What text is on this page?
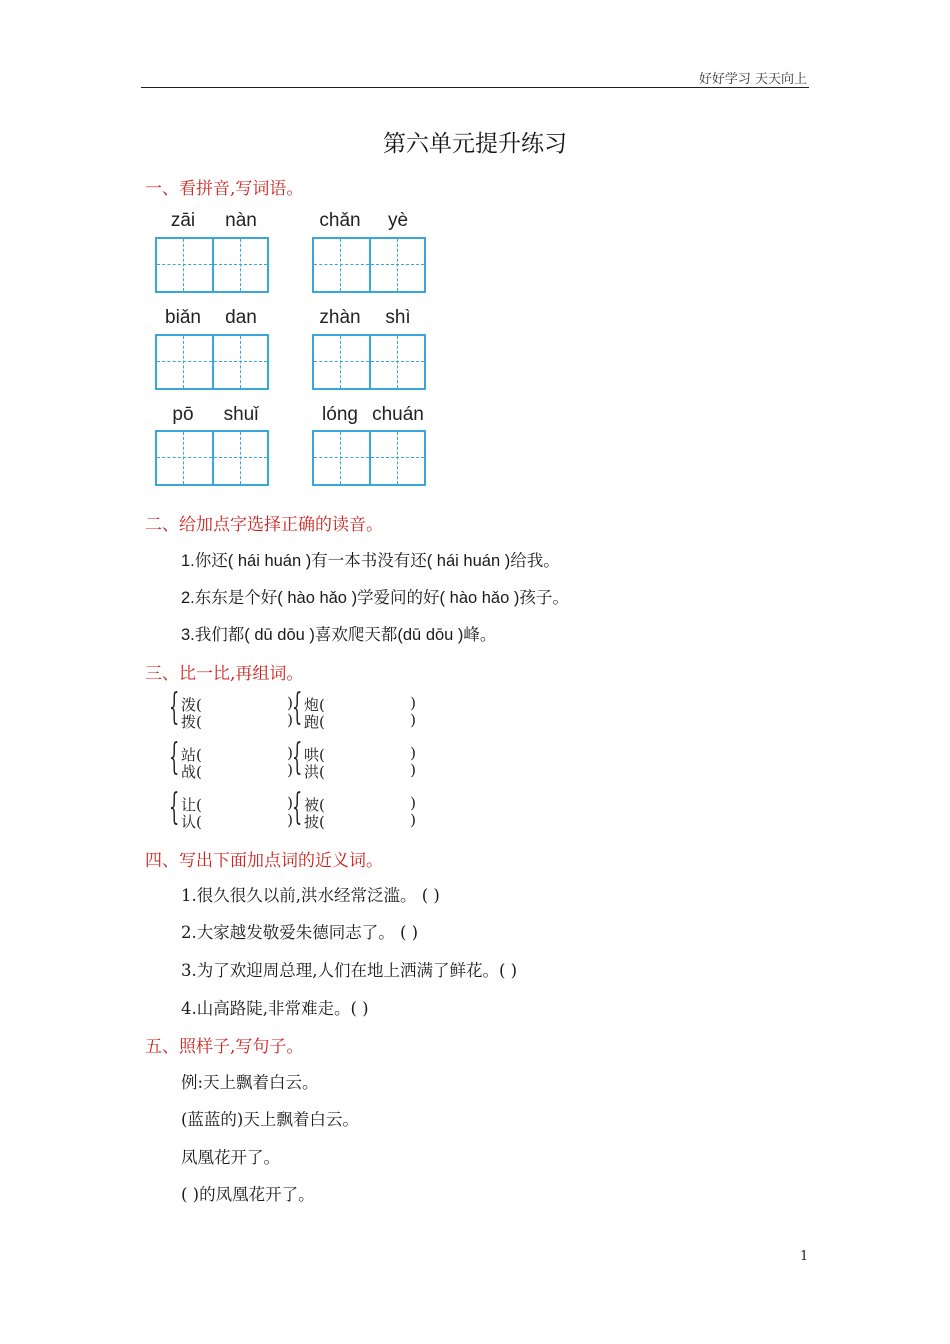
好好学习 天天向上
第六单元提升练习
一、看拼音,写词语。
zāi	nàn	chǎn	yè
biǎn	dan	zhàn	shì
pō	shuǐ	lóng chuán
二、给加点字选择正确的读音。
1.你还( hái huán )有一本书没有还( hái huán )给我。
2.东东是个好( hào hǎo )学爱问的好( hào hǎo )孩子。
3.我们都( dū dōu )喜欢爬天都(dū dōu )峰。
三、比一比,再组词。
{ 泼(	)
拨(	) { 炮(	)
跑(	)
{ 站(	)
战(	) { 哄(	)
洪(	)
{ 让(	)
认(	) { 被(	)
披(	)
四、写出下面加点词的近义词。
1.很久很久以前,洪水经常泛滥。 ( )
2.大家越发敬爱朱德同志了。 ( )
3.为了欢迎周总理,人们在地上洒满了鲜花。( )
4.山高路陡,非常难走。( )
五、照样子,写句子。
例:天上飘着白云。
(蓝蓝的)天上飘着白云。
凤凰花开了。
( )的凤凰花开了。
1
